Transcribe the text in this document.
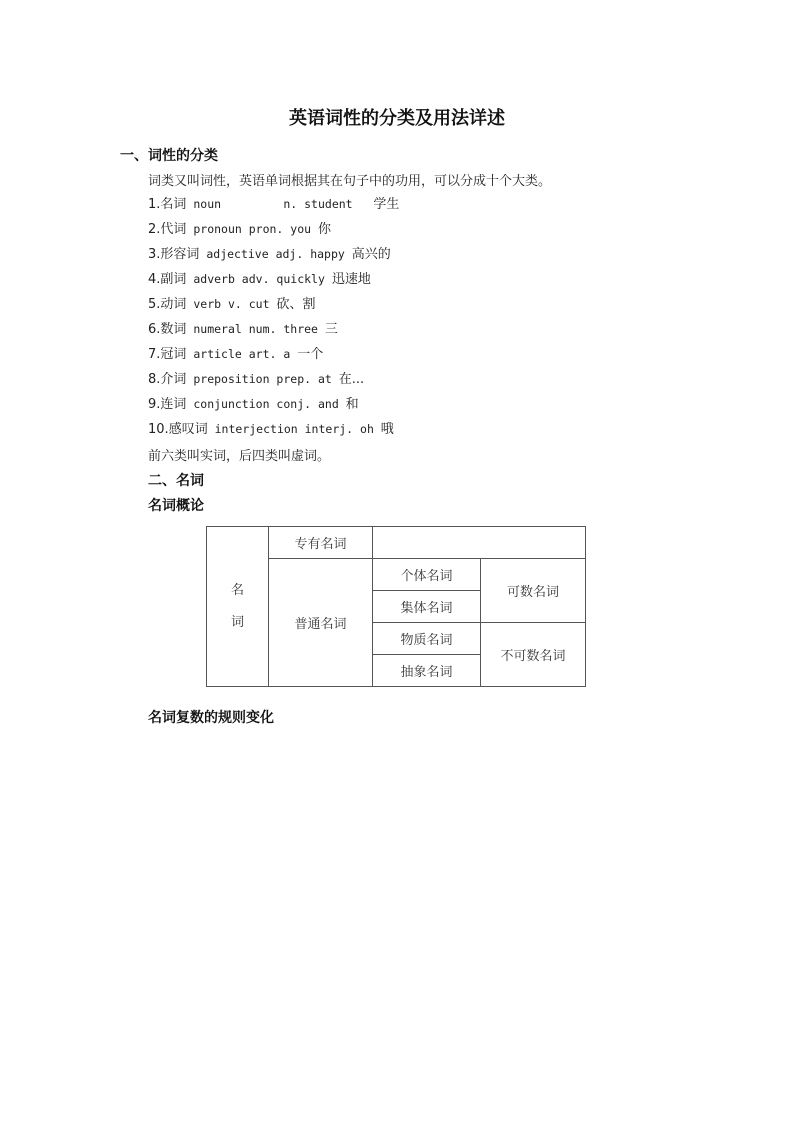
英语词性的分类及用法详述
一、词性的分类
词类又叫词性，英语单词根据其在句子中的功用，可以分成十个大类。
1.名词 noun         n. student   学生
2.代词 pronoun pron. you 你
3.形容词 adjective adj. happy 高兴的
4.副词 adverb adv. quickly 迅速地
5.动词 verb v. cut 砍、割
6.数词 numeral num. three 三
7.冠词 article art. a 一个
8.介词 preposition prep. at 在...
9.连词 conjunction conj. and 和
10.感叹词 interjection interj. oh 哦
前六类叫实词，后四类叫虚词。
二、名词
名词概论
名
词	专有名词		
	普通名词	个体名词	可数名词
		集体名词	
		物质名词	不可数名词
		抽象名词	
名词复数的规则变化
